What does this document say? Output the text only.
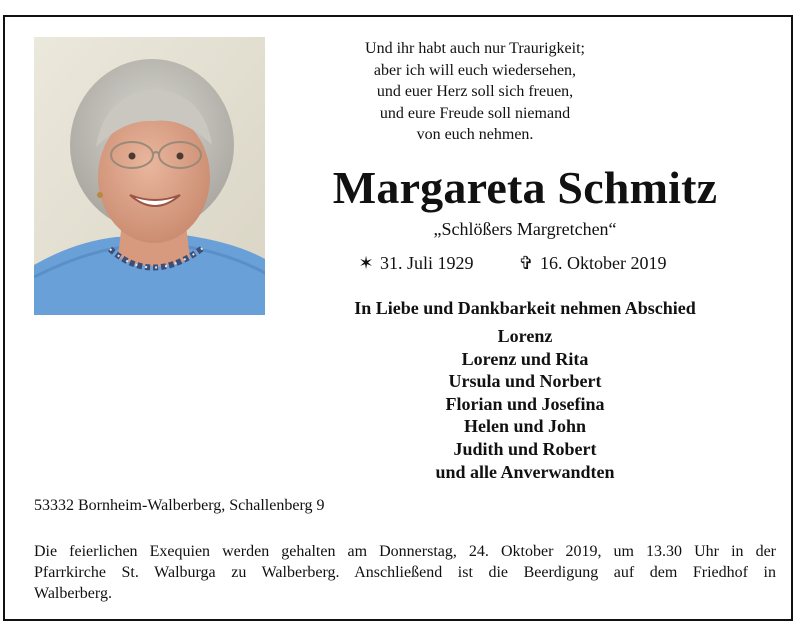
Und ihr habt auch nur Traurigkeit;
aber ich will euch wiedersehen,
und euer Herz soll sich freuen,
und eure Freude soll niemand
von euch nehmen.
Margareta Schmitz
„Schlößers Margretchen“
✶ 31. Juli 1929 ✞ 16. Oktober 2019
In Liebe und Dankbarkeit nehmen Abschied
Lorenz
Lorenz und Rita
Ursula und Norbert
Florian und Josefina
Helen und John
Judith und Robert
und alle Anverwandten
53332 Bornheim-Walberberg, Schallenberg 9
Die feierlichen Exequien werden gehalten am Donnerstag, 24. Oktober 2019, um 13.30 Uhr in der
Pfarrkirche St. Walburga zu Walberberg. Anschließend ist die Beerdigung auf dem Friedhof in
Walberberg.
